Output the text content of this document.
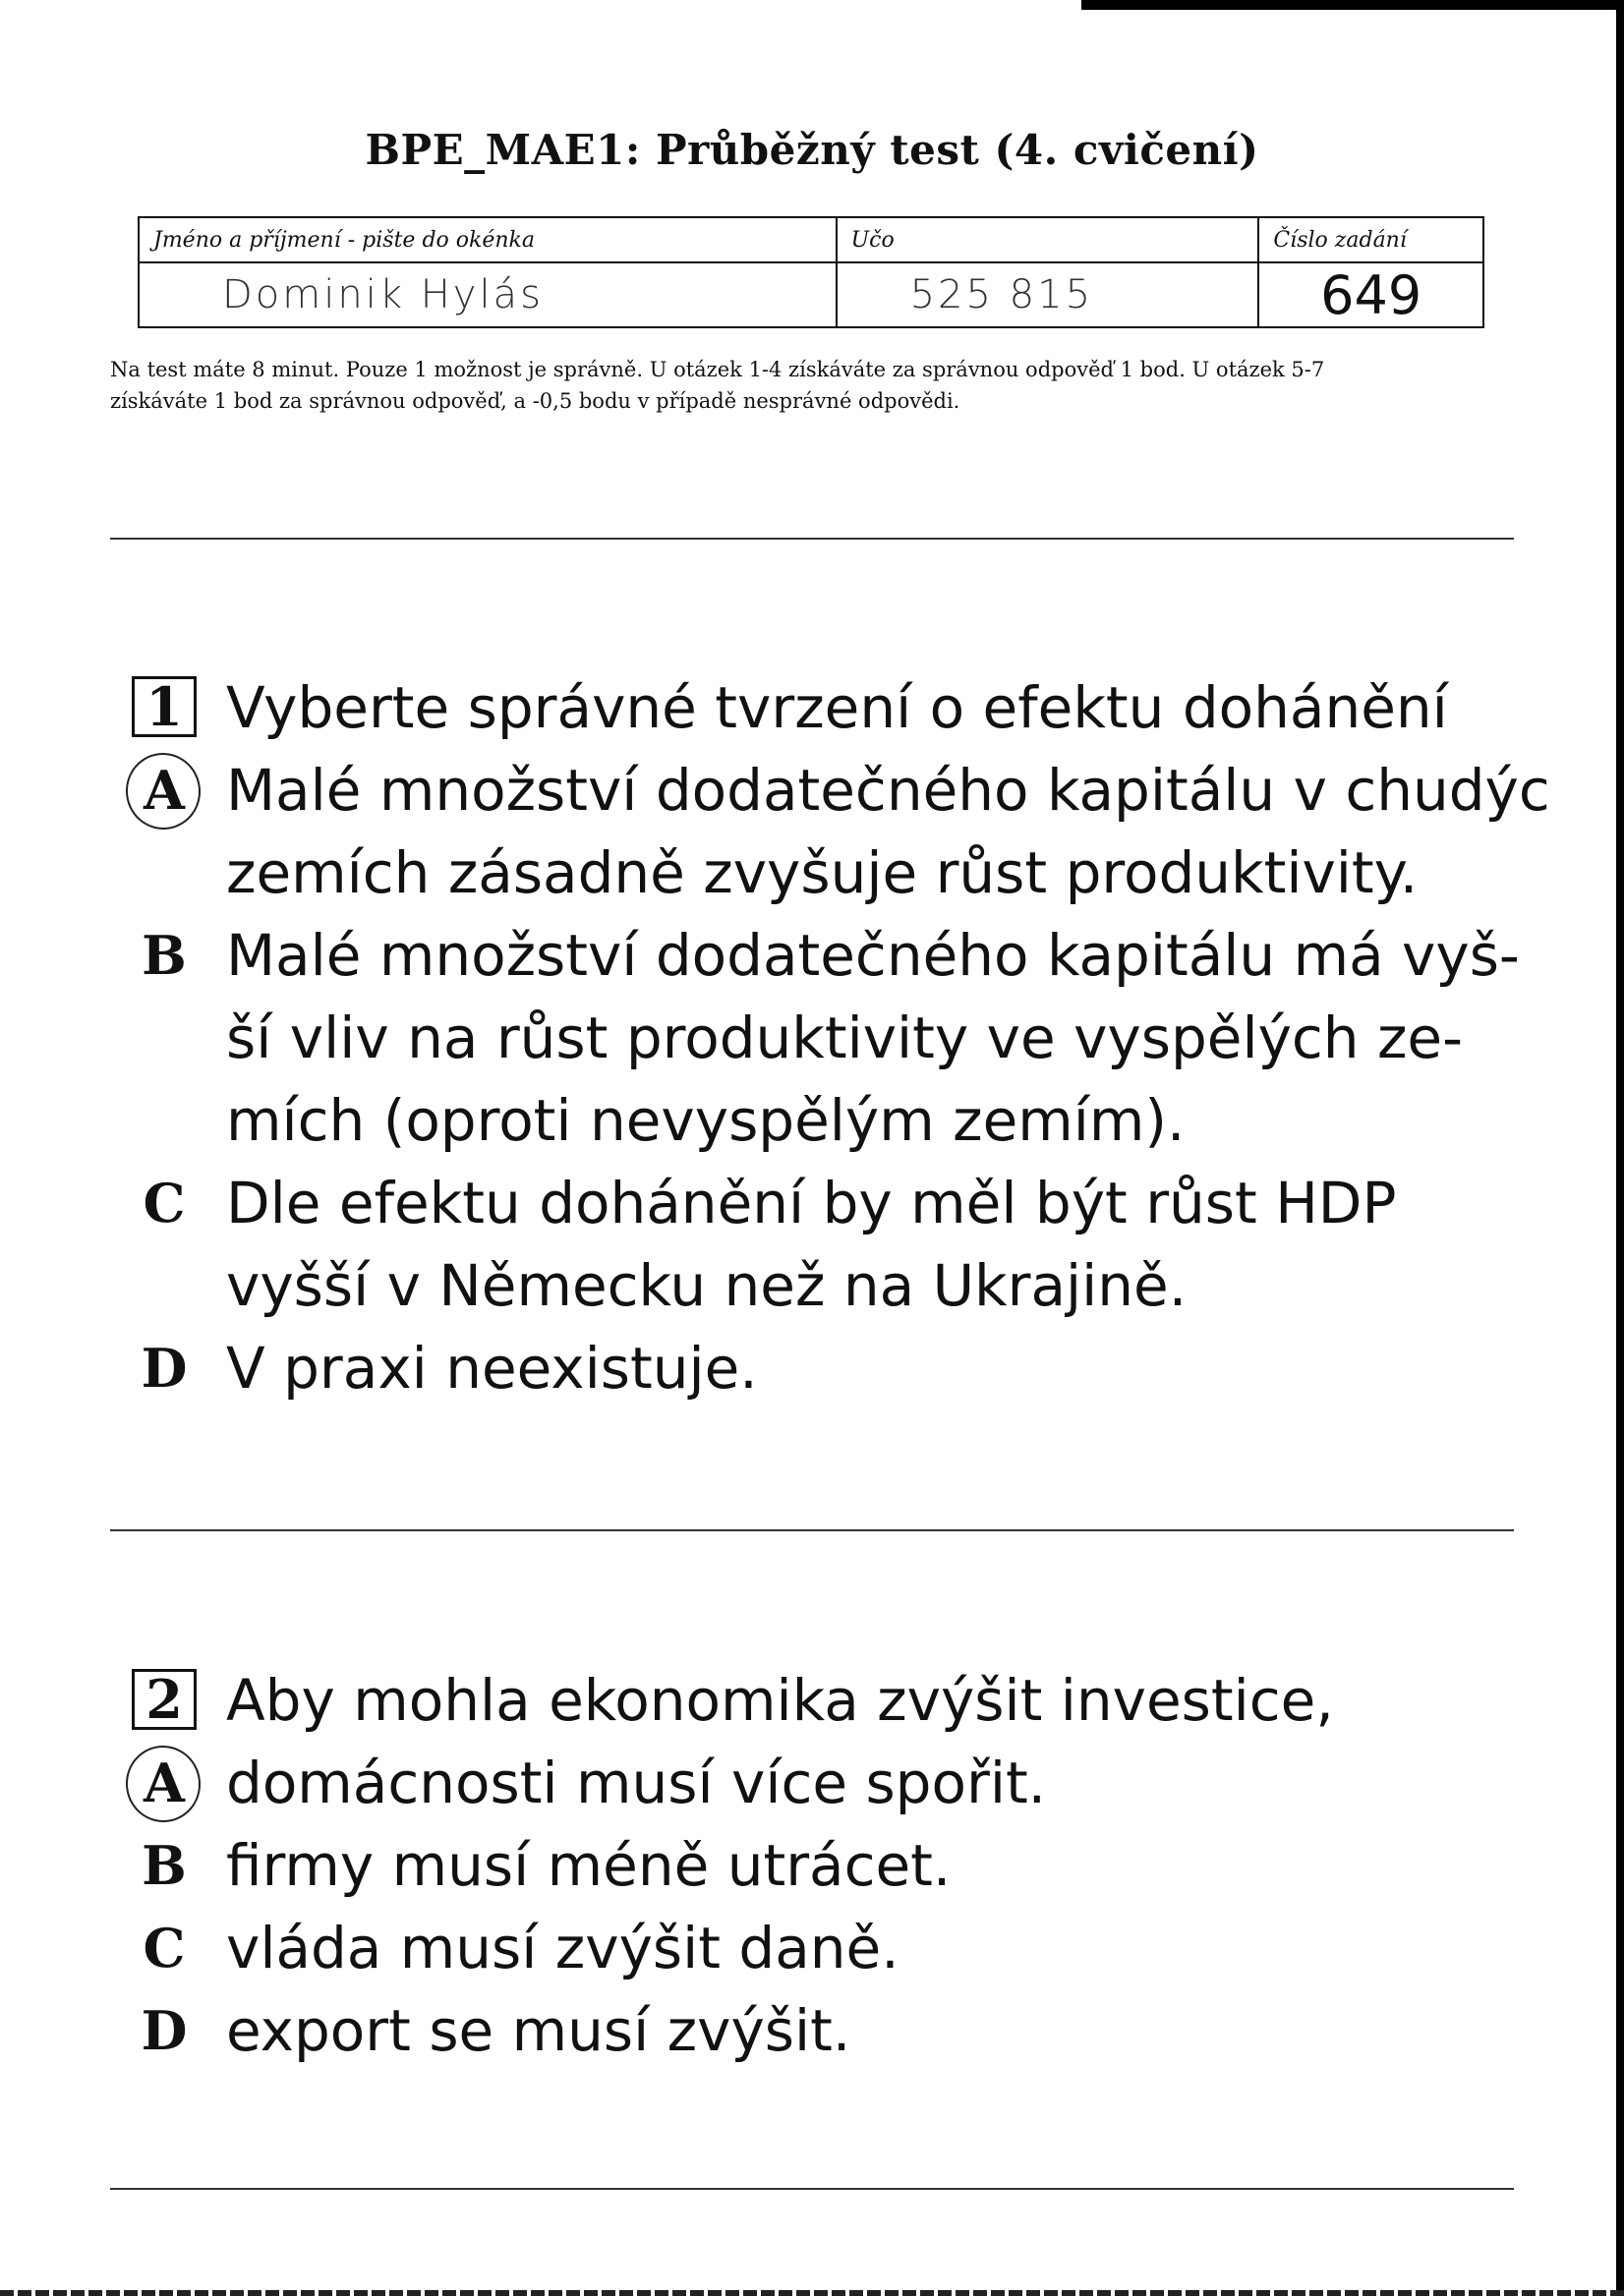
BPE_MAE1: Průběžný test (4. cvičení)
Jméno a příjmení - pište do okénka	Učo	Číslo zadání
Dominik Hylás	525 815	649
Na test máte 8 minut. Pouze 1 možnost je správně. U otázek 1-4 získáváte za správnou odpověď 1 bod. U otázek 5-7
získáváte 1 bod za správnou odpověď, a -0,5 bodu v případě nesprávné odpovědi.
1 Vyberte správné tvrzení o efektu dohánění
A Malé množství dodatečného kapitálu v chudýc
zemích zásadně zvyšuje růst produktivity.
B Malé množství dodatečného kapitálu má vyš-
ší vliv na růst produktivity ve vyspělých ze-
mích (oproti nevyspělým zemím).
C Dle efektu dohánění by měl být růst HDP
vyšší v Německu než na Ukrajině.
D V praxi neexistuje.
2 Aby mohla ekonomika zvýšit investice,
A domácnosti musí více spořit.
B firmy musí méně utrácet.
C vláda musí zvýšit daně.
D export se musí zvýšit.
